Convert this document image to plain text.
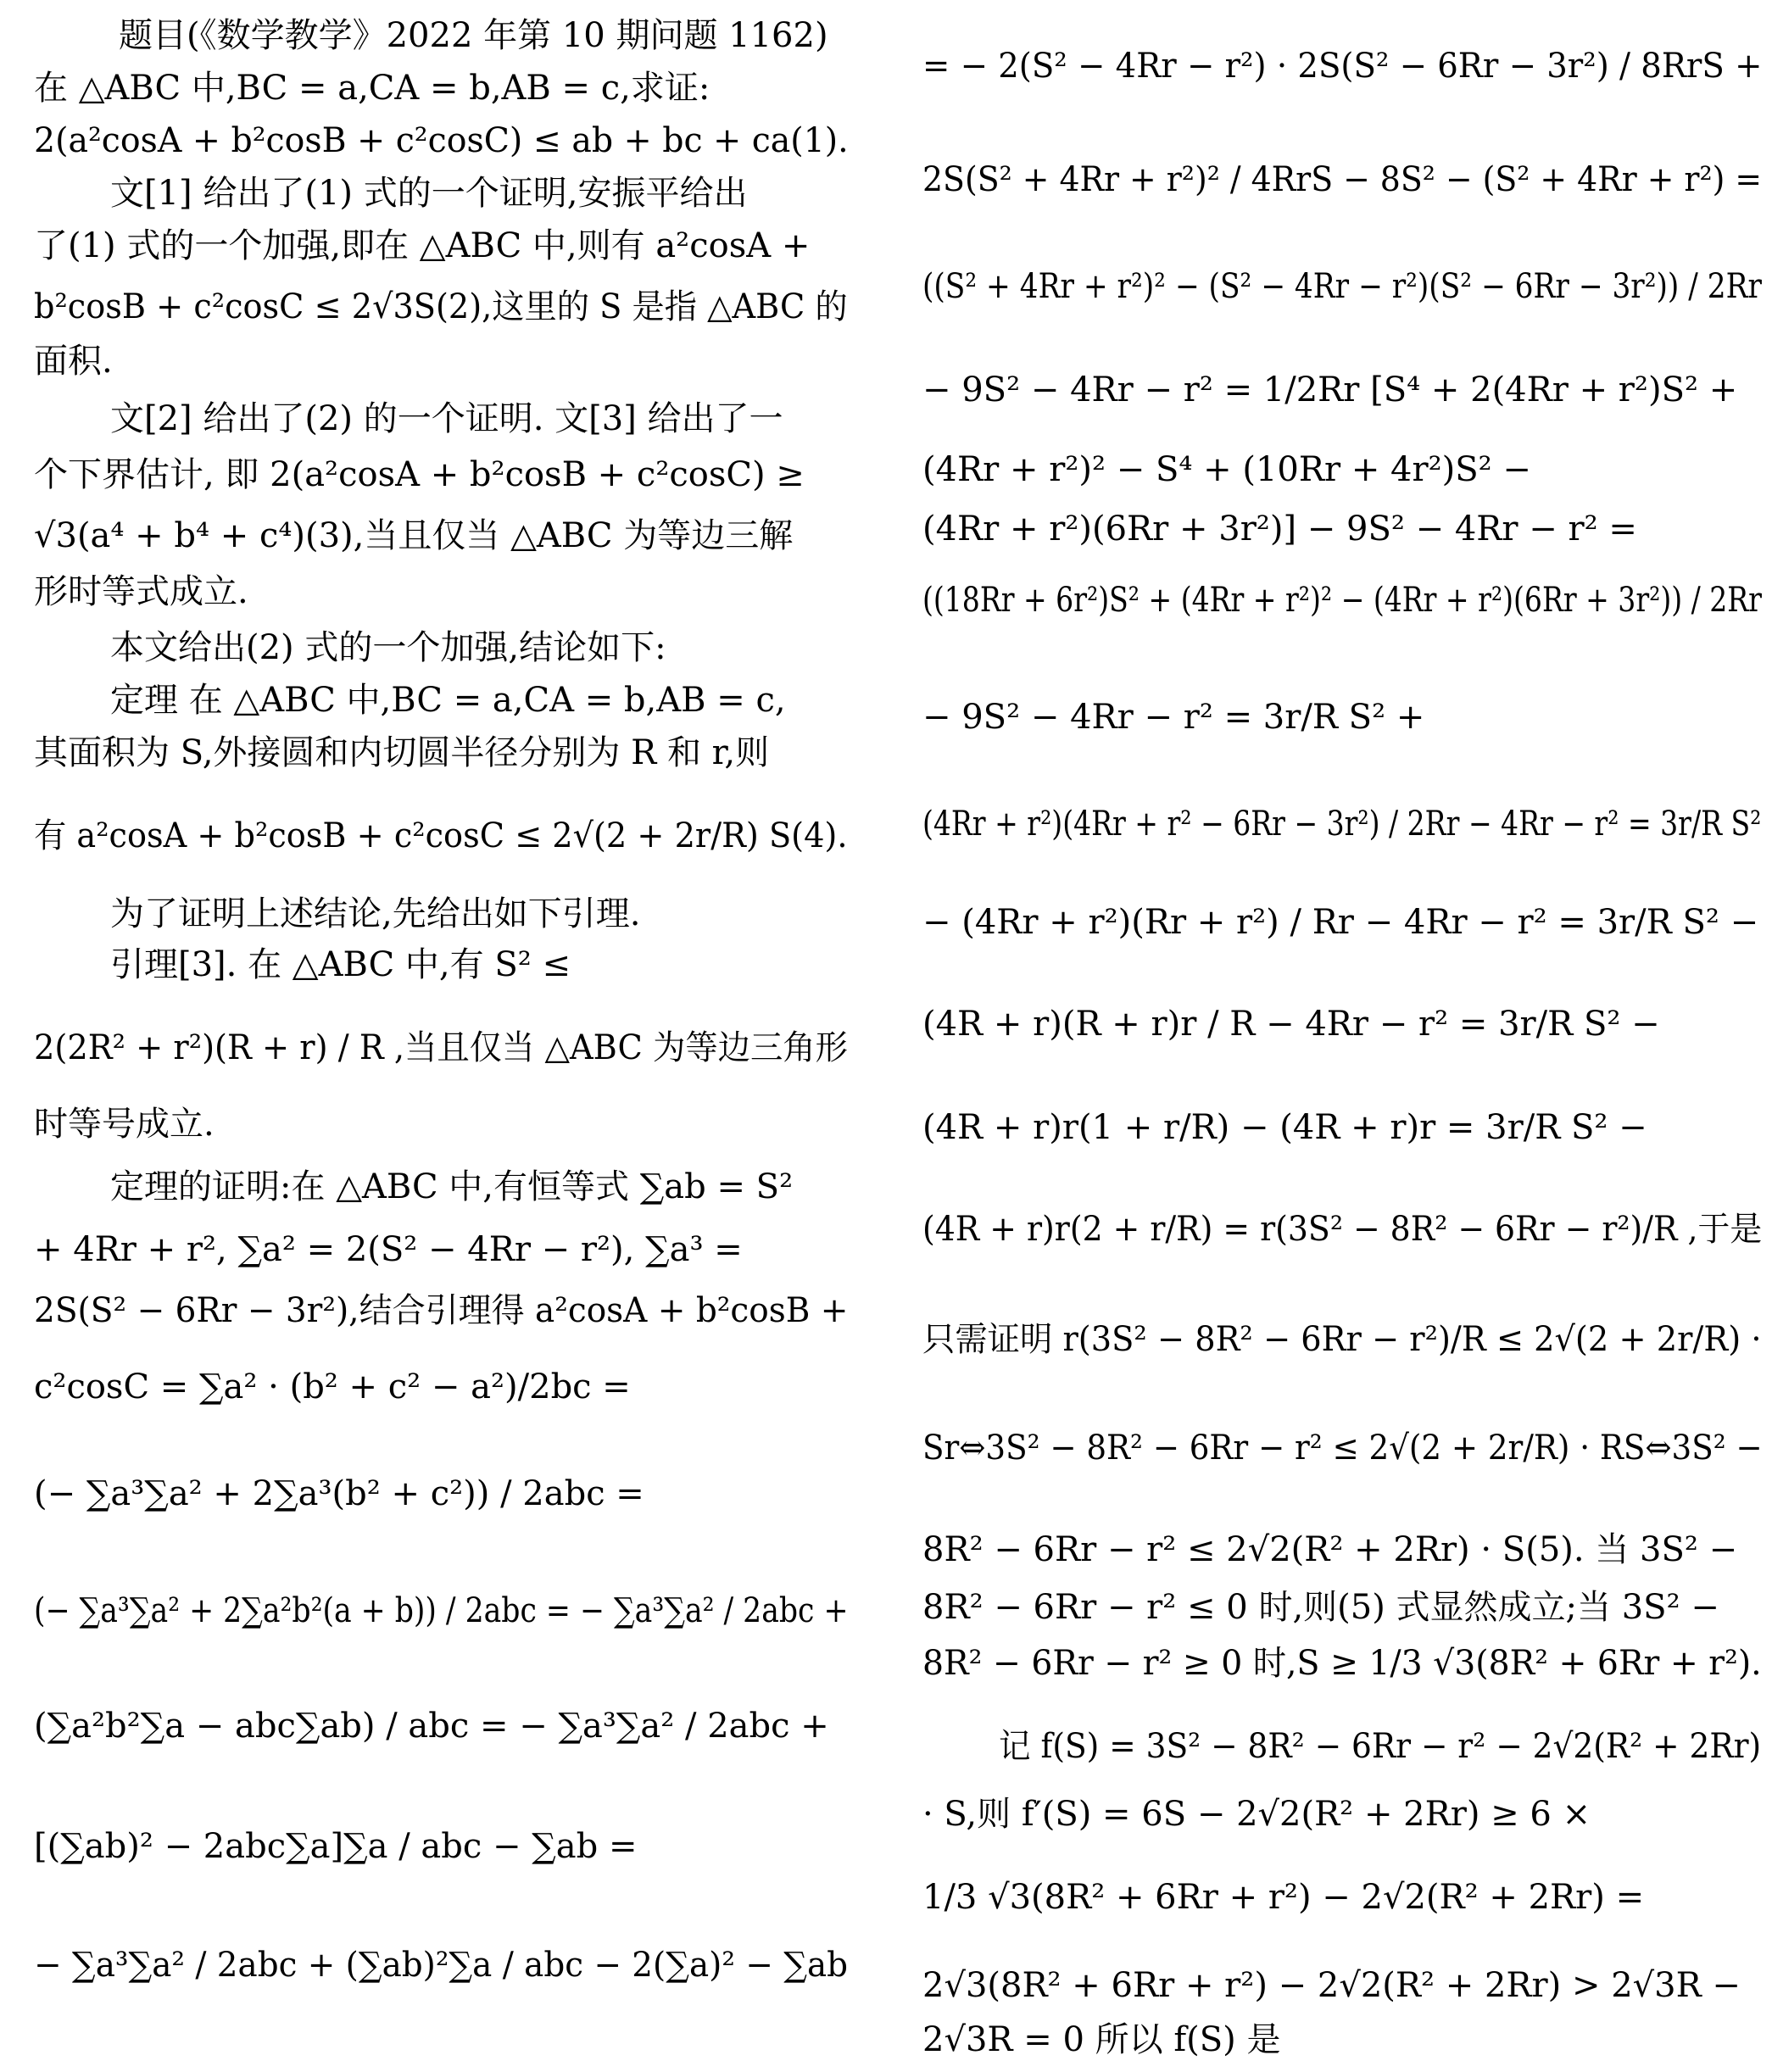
题目(《数学教学》2022 年第 10 期问题 1162)
在 △ABC 中,BC = a,CA = b,AB = c,求证:
2(a²cosA + b²cosB + c²cosC) ≤ ab + bc + ca(1).
文[1] 给出了(1) 式的一个证明,安振平给出
了(1) 式的一个加强,即在 △ABC 中,则有 a²cosA +
b²cosB + c²cosC ≤ 2√3S(2),这里的 S 是指 △ABC 的
面积.
文[2] 给出了(2) 的一个证明. 文[3] 给出了一
个下界估计, 即 2(a²cosA + b²cosB + c²cosC) ≥
√3(a⁴ + b⁴ + c⁴)(3),当且仅当 △ABC 为等边三解
形时等式成立.
本文给出(2) 式的一个加强,结论如下:
定理 在 △ABC 中,BC = a,CA = b,AB = c,
其面积为 S,外接圆和内切圆半径分别为 R 和 r,则
有 a²cosA + b²cosB + c²cosC ≤ 2√(2 + 2r/R) S(4).
为了证明上述结论,先给出如下引理.
引理[3]. 在 △ABC 中,有 S² ≤
2(2R² + r²)(R + r) / R ,当且仅当 △ABC 为等边三角形
时等号成立.
定理的证明:在 △ABC 中,有恒等式 ∑ab = S²
+ 4Rr + r², ∑a² = 2(S² − 4Rr − r²), ∑a³ =
2S(S² − 6Rr − 3r²),结合引理得 a²cosA + b²cosB +
c²cosC = ∑a² · (b² + c² − a²)/2bc =
(− ∑a³∑a² + 2∑a³(b² + c²)) / 2abc =
(− ∑a³∑a² + 2∑a²b²(a + b)) / 2abc = − ∑a³∑a² / 2abc +
(∑a²b²∑a − abc∑ab) / abc = − ∑a³∑a² / 2abc +
[(∑ab)² − 2abc∑a]∑a / abc − ∑ab =
− ∑a³∑a² / 2abc + (∑ab)²∑a / abc − 2(∑a)² − ∑ab
= − 2(S² − 4Rr − r²) · 2S(S² − 6Rr − 3r²) / 8RrS +
2S(S² + 4Rr + r²)² / 4RrS − 8S² − (S² + 4Rr + r²) =
((S² + 4Rr + r²)² − (S² − 4Rr − r²)(S² − 6Rr − 3r²)) / 2Rr
− 9S² − 4Rr − r² = 1/2Rr [S⁴ + 2(4Rr + r²)S² +
(4Rr + r²)² − S⁴ + (10Rr + 4r²)S² −
(4Rr + r²)(6Rr + 3r²)] − 9S² − 4Rr − r² =
((18Rr + 6r²)S² + (4Rr + r²)² − (4Rr + r²)(6Rr + 3r²)) / 2Rr
− 9S² − 4Rr − r² = 3r/R S² +
(4Rr + r²)(4Rr + r² − 6Rr − 3r²) / 2Rr − 4Rr − r² = 3r/R S²
− (4Rr + r²)(Rr + r²) / Rr − 4Rr − r² = 3r/R S² −
(4R + r)(R + r)r / R − 4Rr − r² = 3r/R S² −
(4R + r)r(1 + r/R) − (4R + r)r = 3r/R S² −
(4R + r)r(2 + r/R) = r(3S² − 8R² − 6Rr − r²)/R ,于是
只需证明 r(3S² − 8R² − 6Rr − r²)/R ≤ 2√(2 + 2r/R) ·
Sr⇔3S² − 8R² − 6Rr − r² ≤ 2√(2 + 2r/R) · RS⇔3S² −
8R² − 6Rr − r² ≤ 2√2(R² + 2Rr) · S(5). 当 3S² −
8R² − 6Rr − r² ≤ 0 时,则(5) 式显然成立;当 3S² −
8R² − 6Rr − r² ≥ 0 时,S ≥ 1/3 √3(8R² + 6Rr + r²).
记 f(S) = 3S² − 8R² − 6Rr − r² − 2√2(R² + 2Rr)
· S,则 f′(S) = 6S − 2√2(R² + 2Rr) ≥ 6 ×
1/3 √3(8R² + 6Rr + r²) − 2√2(R² + 2Rr) =
2√3(8R² + 6Rr + r²) − 2√2(R² + 2Rr) > 2√3R −
2√3R = 0 所以 f(S) 是
